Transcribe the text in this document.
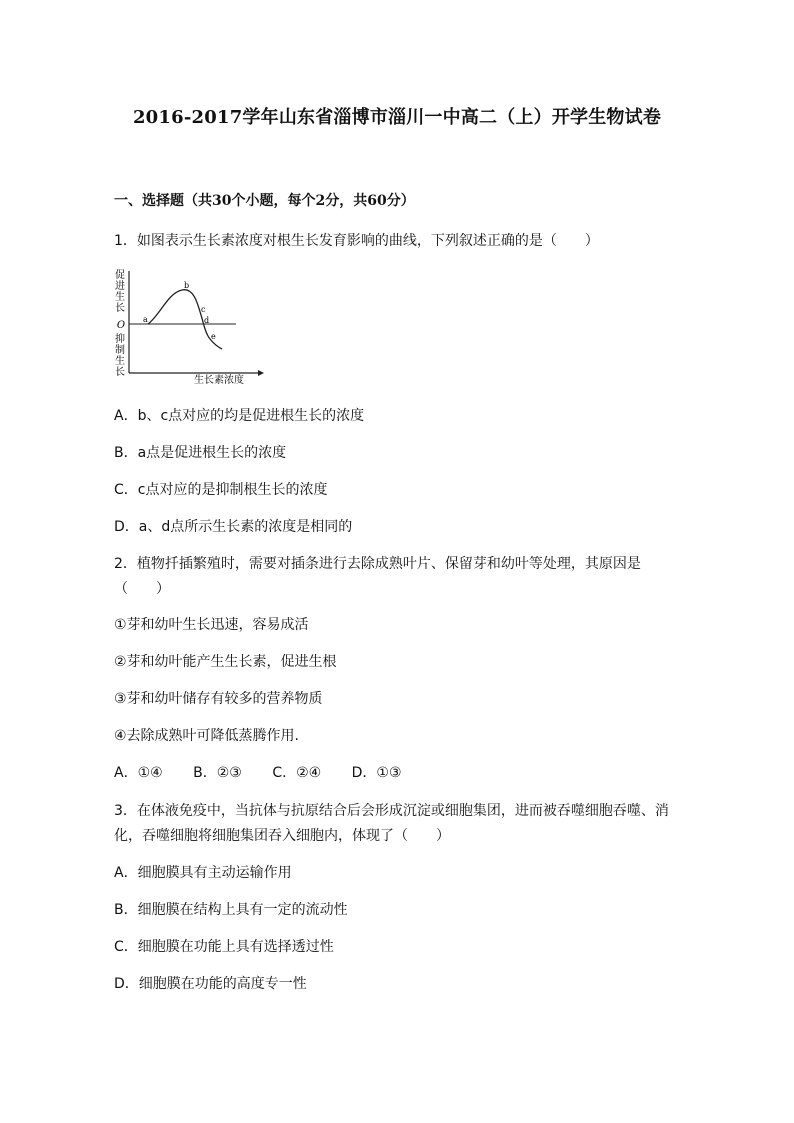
2016-2017学年山东省淄博市淄川一中高二（上）开学生物试卷
一、选择题（共30个小题，每个2分，共60分）
1．如图表示生长素浓度对根生长发育影响的曲线，下列叙述正确的是（　　）
促
进
生
长
O
抑
制
生
长
a
b
c
d
e
生长素浓度
A．b、c点对应的均是促进根生长的浓度
B．a点是促进根生长的浓度
C．c点对应的是抑制根生长的浓度
D．a、d点所示生长素的浓度是相同的
2．植物扦插繁殖时，需要对插条进行去除成熟叶片、保留芽和幼叶等处理，其原因是
（　　）
①芽和幼叶生长迅速，容易成活
②芽和幼叶能产生生长素，促进生根
③芽和幼叶储存有较多的营养物质
④去除成熟叶可降低蒸腾作用.
A．①④ B．②③ C．②④ D．①③
3．在体液免疫中，当抗体与抗原结合后会形成沉淀或细胞集团，进而被吞噬细胞吞噬、消
化，吞噬细胞将细胞集团吞入细胞内，体现了（　　）
A．细胞膜具有主动运输作用
B．细胞膜在结构上具有一定的流动性
C．细胞膜在功能上具有选择透过性
D．细胞膜在功能的高度专一性
